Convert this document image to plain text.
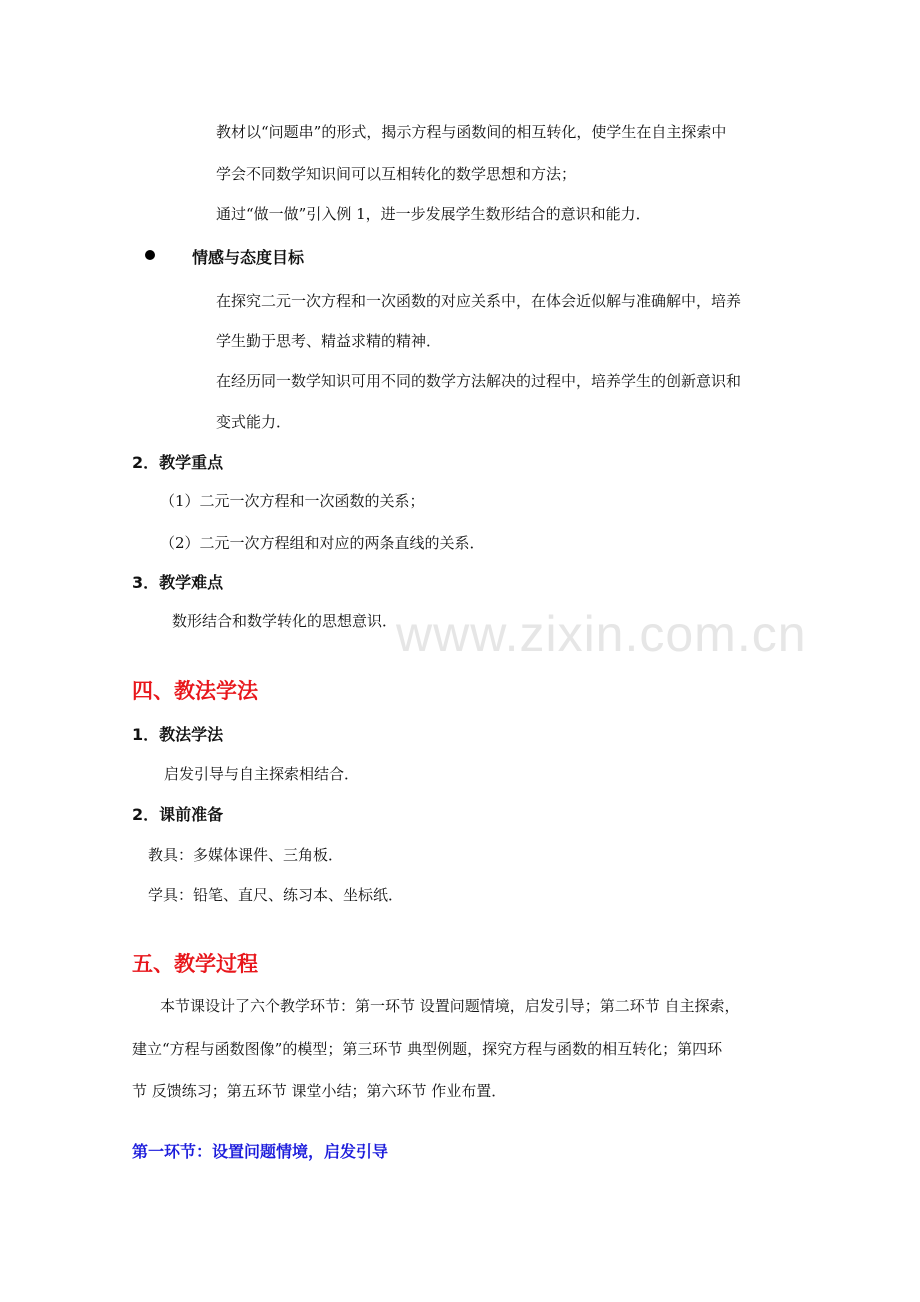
www.zixin.com.cn
教材以“问题串”的形式，揭示方程与函数间的相互转化，使学生在自主探索中
学会不同数学知识间可以互相转化的数学思想和方法；
通过“做一做”引入例 1，进一步发展学生数形结合的意识和能力．
情感与态度目标
在探究二元一次方程和一次函数的对应关系中，在体会近似解与准确解中，培养
学生勤于思考、精益求精的精神．
在经历同一数学知识可用不同的数学方法解决的过程中，培养学生的创新意识和
变式能力．
2．教学重点
（1）二元一次方程和一次函数的关系；
（2）二元一次方程组和对应的两条直线的关系．
3．教学难点
数形结合和数学转化的思想意识．
四、教法学法
1．教法学法
启发引导与自主探索相结合．
2．课前准备
教具：多媒体课件、三角板．
学具：铅笔、直尺、练习本、坐标纸．
五、教学过程
本节课设计了六个教学环节：第一环节 设置问题情境，启发引导；第二环节 自主探索，
建立“方程与函数图像”的模型；第三环节 典型例题，探究方程与函数的相互转化；第四环
节 反馈练习；第五环节 课堂小结；第六环节 作业布置．
第一环节：设置问题情境，启发引导
